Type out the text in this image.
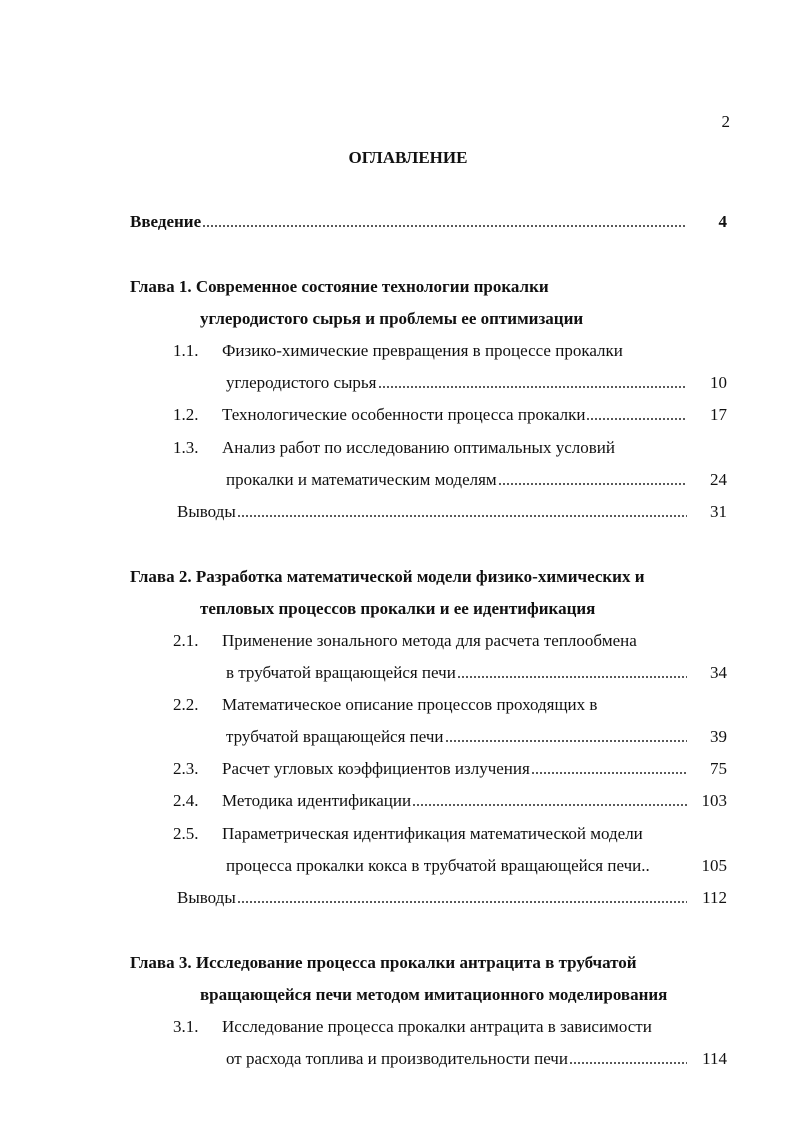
2
ОГЛАВЛЕНИЕ
Введение	4
Глава 1. Современное состояние технологии прокалки
углеродистого сырья и проблемы ее оптимизации
1.1.	Физико-химические превращения в процессе прокалки
углеродистого сырья	10
1.2.	Технологические особенности процесса прокалки	17
1.3.	Анализ работ по исследованию оптимальных условий
прокалки и математическим моделям	24
Выводы	31
Глава 2. Разработка математической модели физико-химических и
тепловых процессов прокалки и ее идентификация
2.1.	Применение зонального метода для расчета теплообмена
в трубчатой вращающейся печи	34
2.2.	Математическое описание процессов проходящих в
трубчатой вращающейся печи	39
2.3.	Расчет угловых коэффициентов излучения	75
2.4.	Методика идентификации	103
2.5.	Параметрическая идентификация математической модели
процесса прокалки кокса в трубчатой вращающейся печи..	105
Выводы	112
Глава 3. Исследование процесса прокалки антрацита в трубчатой
вращающейся печи методом имитационного моделирования
3.1.	Исследование процесса прокалки антрацита в зависимости
от расхода топлива и производительности печи	114
